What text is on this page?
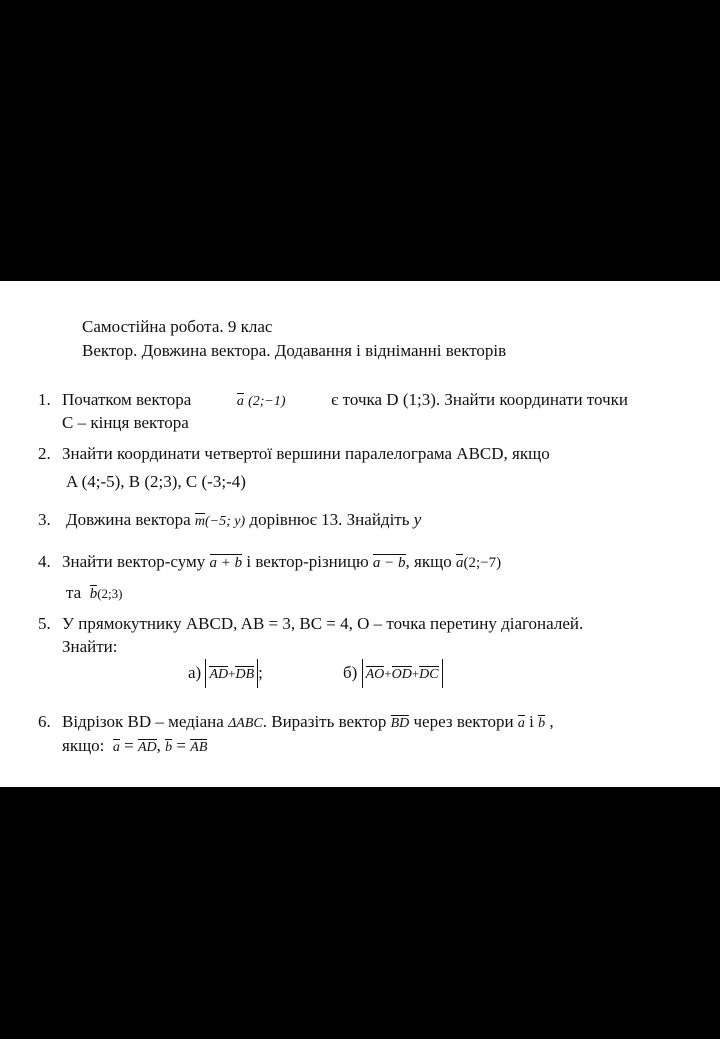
Самостійна робота. 9 клас
Вектор. Довжина вектора. Додавання і відніманні векторів
1. Початком вектора	a (2;−1)	є точка D (1;3). Знайти координати точки
С – кінця вектора
2. Знайти координати четвертої вершини паралелограма ABCD, якщо
A (4;-5), B (2;3), C (-3;-4)
3. Довжина вектора m(−5; y) дорівнює 13. Знайдіть у
4. Знайти вектор-суму a + b і вектор-різницю a − b, якщо a(2;−7)
та b(2;3)
5. У прямокутнику ABCD, AB = 3, BC = 4, O – точка перетину діагоналей.
Знайти:
а) AD+DB ;	б) AO+OD+DC
6. Відрізок BD – медіана ΔABC. Виразіть вектор BD через вектори a і b ,
якщо: a = AD, b = AB
